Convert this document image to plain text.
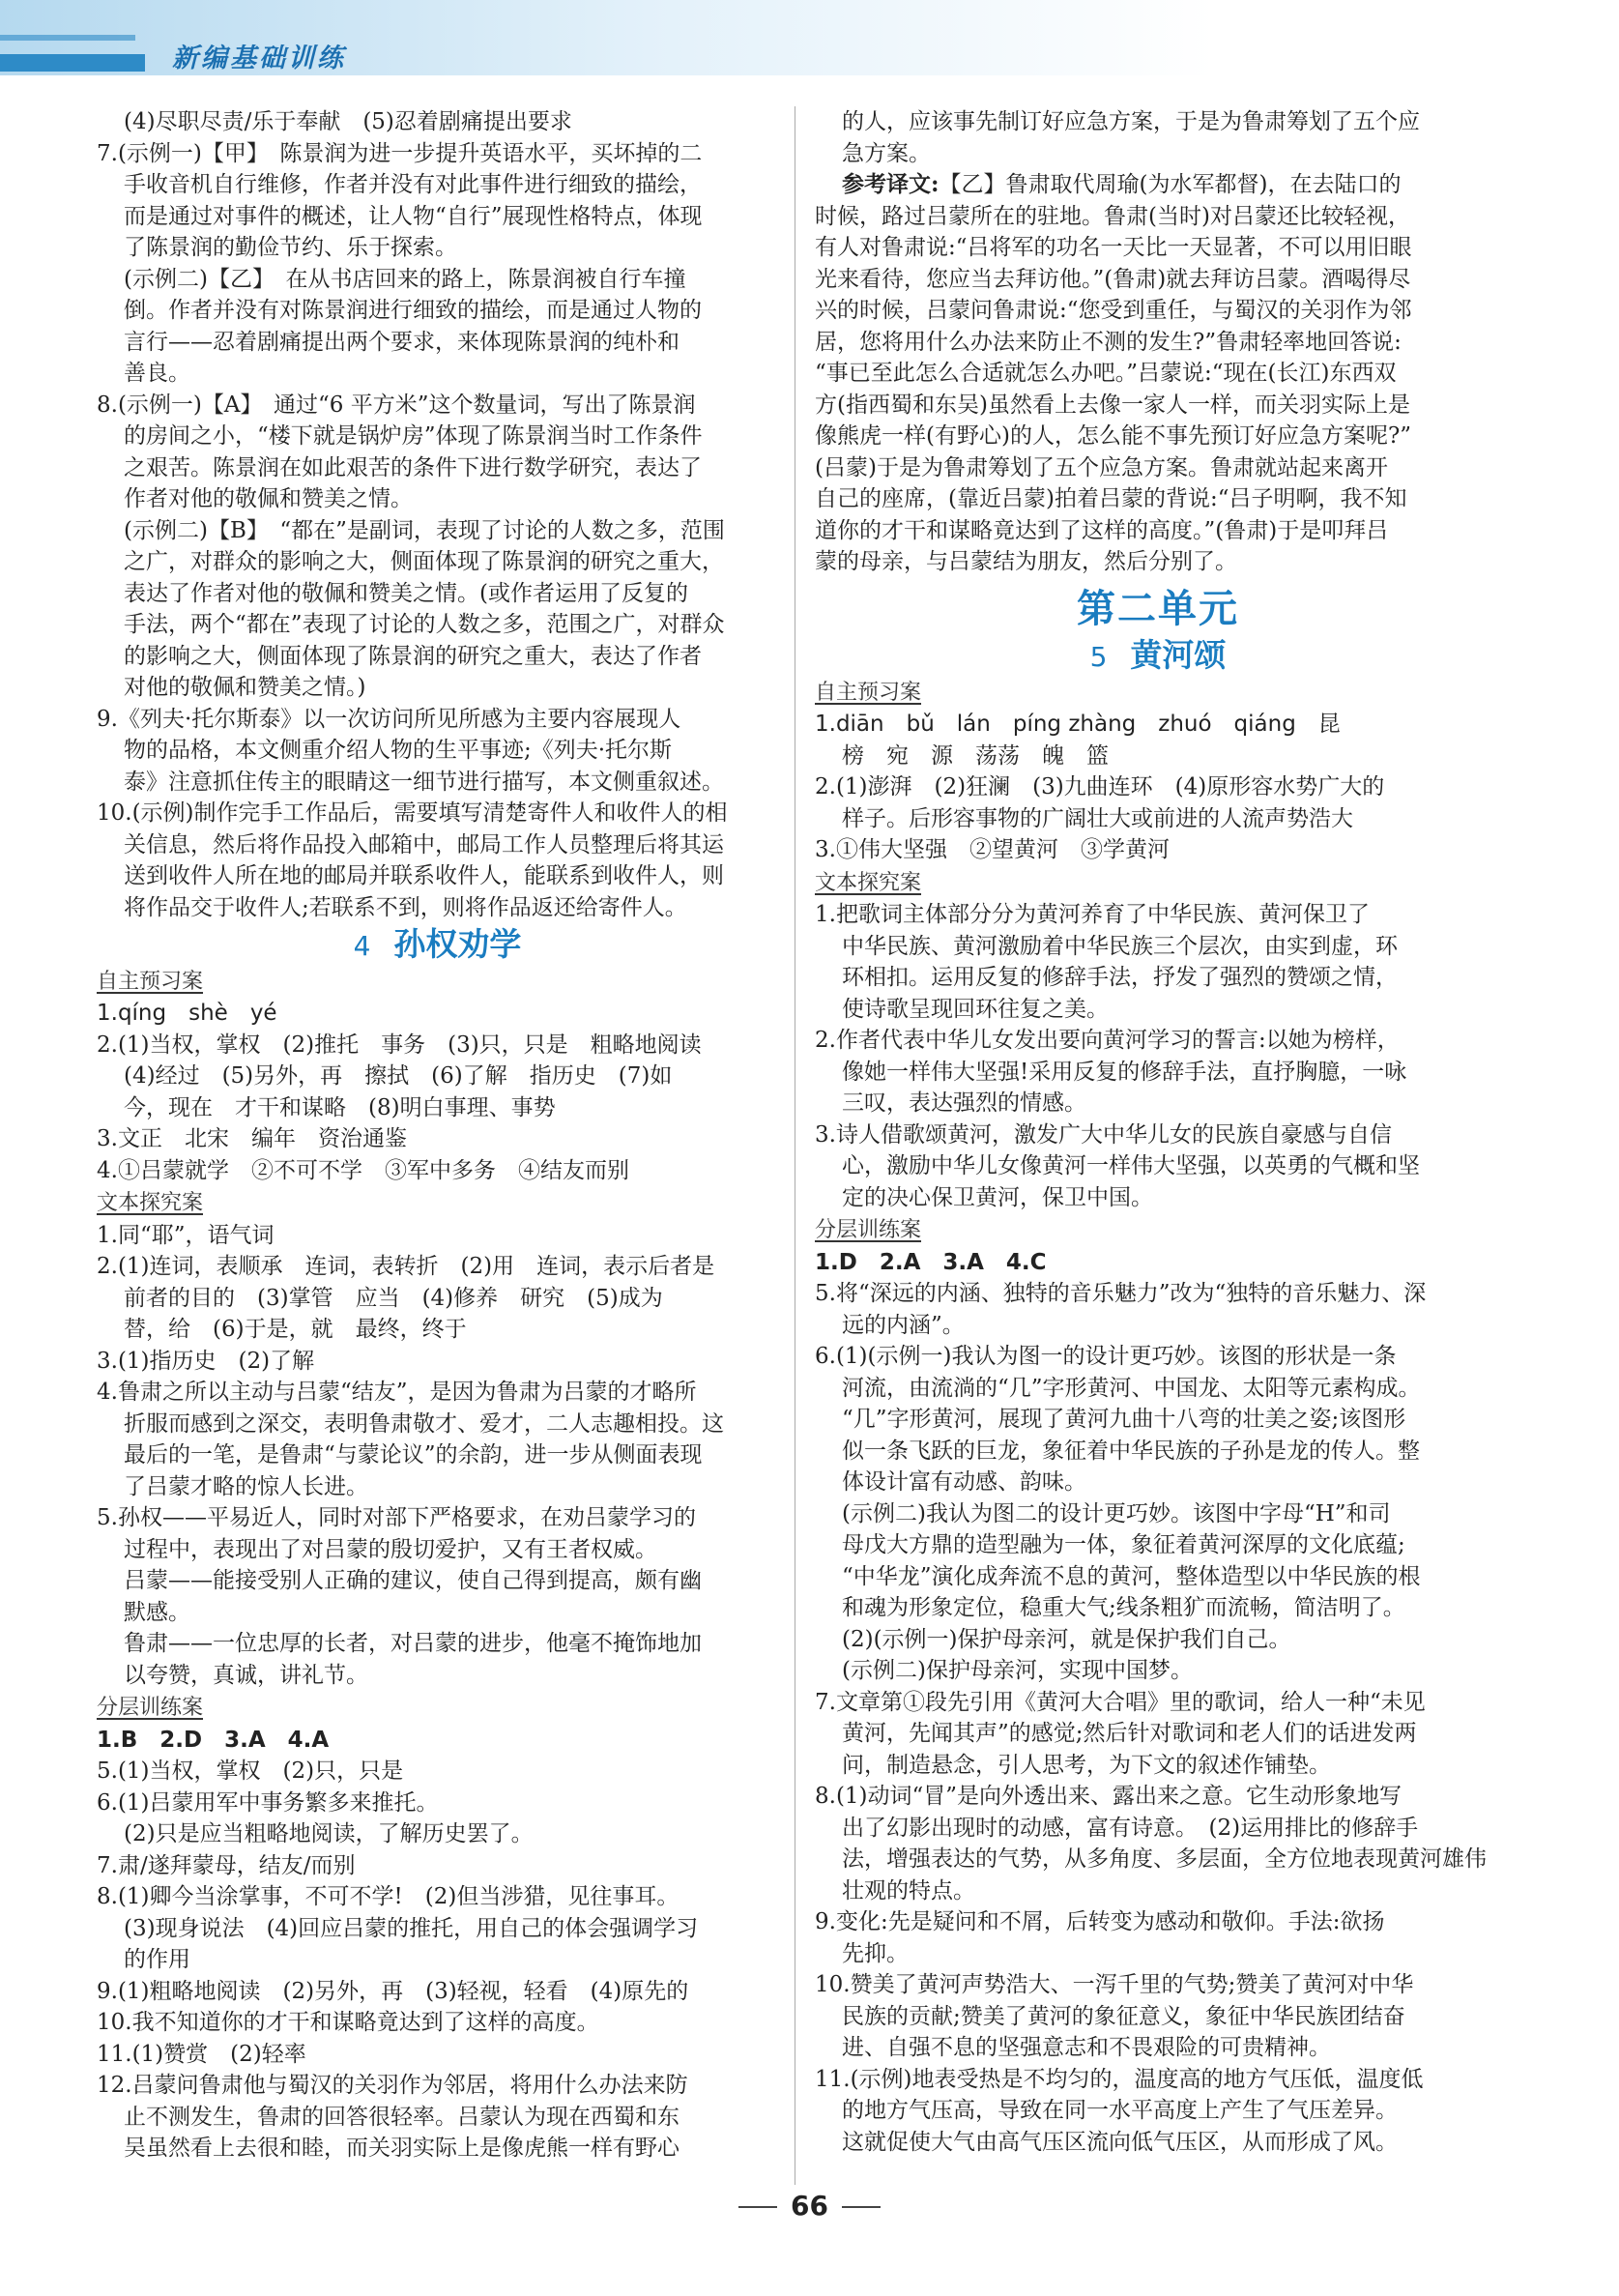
新编基础训练
(4)尽职尽责/乐于奉献　(5)忍着剧痛提出要求
7.(示例一)【甲】　陈景润为进一步提升英语水平，买坏掉的二
手收音机自行维修，作者并没有对此事件进行细致的描绘，
而是通过对事件的概述，让人物“自行”展现性格特点，体现
了陈景润的勤俭节约、乐于探索。
(示例二)【乙】　在从书店回来的路上，陈景润被自行车撞
倒。作者并没有对陈景润进行细致的描绘，而是通过人物的
言行——忍着剧痛提出两个要求，来体现陈景润的纯朴和
善良。
8.(示例一)【A】　通过“6 平方米”这个数量词，写出了陈景润
的房间之小，“楼下就是锅炉房”体现了陈景润当时工作条件
之艰苦。陈景润在如此艰苦的条件下进行数学研究，表达了
作者对他的敬佩和赞美之情。
(示例二)【B】　“都在”是副词，表现了讨论的人数之多，范围
之广，对群众的影响之大，侧面体现了陈景润的研究之重大，
表达了作者对他的敬佩和赞美之情。(或作者运用了反复的
手法，两个“都在”表现了讨论的人数之多，范围之广，对群众
的影响之大，侧面体现了陈景润的研究之重大，表达了作者
对他的敬佩和赞美之情。)
9.《列夫·托尔斯泰》以一次访问所见所感为主要内容展现人
物的品格，本文侧重介绍人物的生平事迹;《列夫·托尔斯
泰》注意抓住传主的眼睛这一细节进行描写，本文侧重叙述。
10.(示例)制作完手工作品后，需要填写清楚寄件人和收件人的相
关信息，然后将作品投入邮箱中，邮局工作人员整理后将其运
送到收件人所在地的邮局并联系收件人，能联系到收件人，则
将作品交于收件人;若联系不到，则将作品返还给寄件人。
4 孙权劝学
自主预习案
1.qíng　shè　yé
2.(1)当权，掌权　(2)推托　事务　(3)只，只是　粗略地阅读
(4)经过　(5)另外，再　擦拭　(6)了解　指历史　(7)如
今，现在　才干和谋略　(8)明白事理、事势
3.文正　北宋　编年　资治通鉴
4.①吕蒙就学　②不可不学　③军中多务　④结友而别
文本探究案
1.同“耶”，语气词
2.(1)连词，表顺承　连词，表转折　(2)用　连词，表示后者是
前者的目的　(3)掌管　应当　(4)修养　研究　(5)成为
替，给　(6)于是，就　最终，终于
3.(1)指历史　(2)了解
4.鲁肃之所以主动与吕蒙“结友”，是因为鲁肃为吕蒙的才略所
折服而感到之深交，表明鲁肃敬才、爱才，二人志趣相投。这
最后的一笔，是鲁肃“与蒙论议”的余韵，进一步从侧面表现
了吕蒙才略的惊人长进。
5.孙权——平易近人，同时对部下严格要求，在劝吕蒙学习的
过程中，表现出了对吕蒙的殷切爱护，又有王者权威。
吕蒙——能接受别人正确的建议，使自己得到提高，颇有幽
默感。
鲁肃——一位忠厚的长者，对吕蒙的进步，他毫不掩饰地加
以夸赞，真诚，讲礼节。
分层训练案
1.B　2.D　3.A　4.A
5.(1)当权，掌权　(2)只，只是
6.(1)吕蒙用军中事务繁多来推托。
(2)只是应当粗略地阅读，了解历史罢了。
7.肃/遂拜蒙母，结友/而别
8.(1)卿今当涂掌事，不可不学!　(2)但当涉猎，见往事耳。
(3)现身说法　(4)回应吕蒙的推托，用自己的体会强调学习
的作用
9.(1)粗略地阅读　(2)另外，再　(3)轻视，轻看　(4)原先的
10.我不知道你的才干和谋略竟达到了这样的高度。
11.(1)赞赏　(2)轻率
12.吕蒙问鲁肃他与蜀汉的关羽作为邻居，将用什么办法来防
止不测发生，鲁肃的回答很轻率。吕蒙认为现在西蜀和东
吴虽然看上去很和睦，而关羽实际上是像虎熊一样有野心
的人，应该事先制订好应急方案，于是为鲁肃筹划了五个应
急方案。
参考译文:【乙】鲁肃取代周瑜(为水军都督)，在去陆口的
时候，路过吕蒙所在的驻地。鲁肃(当时)对吕蒙还比较轻视，
有人对鲁肃说:“吕将军的功名一天比一天显著，不可以用旧眼
光来看待，您应当去拜访他。”(鲁肃)就去拜访吕蒙。酒喝得尽
兴的时候，吕蒙问鲁肃说:“您受到重任，与蜀汉的关羽作为邻
居，您将用什么办法来防止不测的发生?”鲁肃轻率地回答说:
“事已至此怎么合适就怎么办吧。”吕蒙说:“现在(长江)东西双
方(指西蜀和东吴)虽然看上去像一家人一样，而关羽实际上是
像熊虎一样(有野心)的人，怎么能不事先预订好应急方案呢?”
(吕蒙)于是为鲁肃筹划了五个应急方案。鲁肃就站起来离开
自己的座席，(靠近吕蒙)拍着吕蒙的背说:“吕子明啊，我不知
道你的才干和谋略竟达到了这样的高度。”(鲁肃)于是叩拜吕
蒙的母亲，与吕蒙结为朋友，然后分别了。
第二单元
5 黄河颂
自主预习案
1.diān　bǔ　lán　píng zhàng　zhuó　qiáng　昆
榜　宛　源　荡荡　魄　篮
2.(1)澎湃　(2)狂澜　(3)九曲连环　(4)原形容水势广大的
样子。后形容事物的广阔壮大或前进的人流声势浩大
3.①伟大坚强　②望黄河　③学黄河
文本探究案
1.把歌词主体部分分为黄河养育了中华民族、黄河保卫了
中华民族、黄河激励着中华民族三个层次，由实到虚，环
环相扣。运用反复的修辞手法，抒发了强烈的赞颂之情，
使诗歌呈现回环往复之美。
2.作者代表中华儿女发出要向黄河学习的誓言:以她为榜样，
像她一样伟大坚强!采用反复的修辞手法，直抒胸臆，一咏
三叹，表达强烈的情感。
3.诗人借歌颂黄河，激发广大中华儿女的民族自豪感与自信
心，激励中华儿女像黄河一样伟大坚强，以英勇的气概和坚
定的决心保卫黄河，保卫中国。
分层训练案
1.D　2.A　3.A　4.C
5.将“深远的内涵、独特的音乐魅力”改为“独特的音乐魅力、深
远的内涵”。
6.(1)(示例一)我认为图一的设计更巧妙。该图的形状是一条
河流，由流淌的“几”字形黄河、中国龙、太阳等元素构成。
“几”字形黄河，展现了黄河九曲十八弯的壮美之姿;该图形
似一条飞跃的巨龙，象征着中华民族的子孙是龙的传人。整
体设计富有动感、韵味。
(示例二)我认为图二的设计更巧妙。该图中字母“H”和司
母戊大方鼎的造型融为一体，象征着黄河深厚的文化底蕴;
“中华龙”演化成奔流不息的黄河，整体造型以中华民族的根
和魂为形象定位，稳重大气;线条粗犷而流畅，简洁明了。
(2)(示例一)保护母亲河，就是保护我们自己。
(示例二)保护母亲河，实现中国梦。
7.文章第①段先引用《黄河大合唱》里的歌词，给人一种“未见
黄河，先闻其声”的感觉;然后针对歌词和老人们的话进发两
问，制造悬念，引人思考，为下文的叙述作铺垫。
8.(1)动词“冒”是向外透出来、露出来之意。它生动形象地写
出了幻影出现时的动感，富有诗意。　(2)运用排比的修辞手
法，增强表达的气势，从多角度、多层面，全方位地表现黄河雄伟
壮观的特点。
9.变化:先是疑问和不屑，后转变为感动和敬仰。手法:欲扬
先抑。
10.赞美了黄河声势浩大、一泻千里的气势;赞美了黄河对中华
民族的贡献;赞美了黄河的象征意义，象征中华民族团结奋
进、自强不息的坚强意志和不畏艰险的可贵精神。
11.(示例)地表受热是不均匀的，温度高的地方气压低，温度低
的地方气压高，导致在同一水平高度上产生了气压差异。
这就促使大气由高气压区流向低气压区，从而形成了风。
66
